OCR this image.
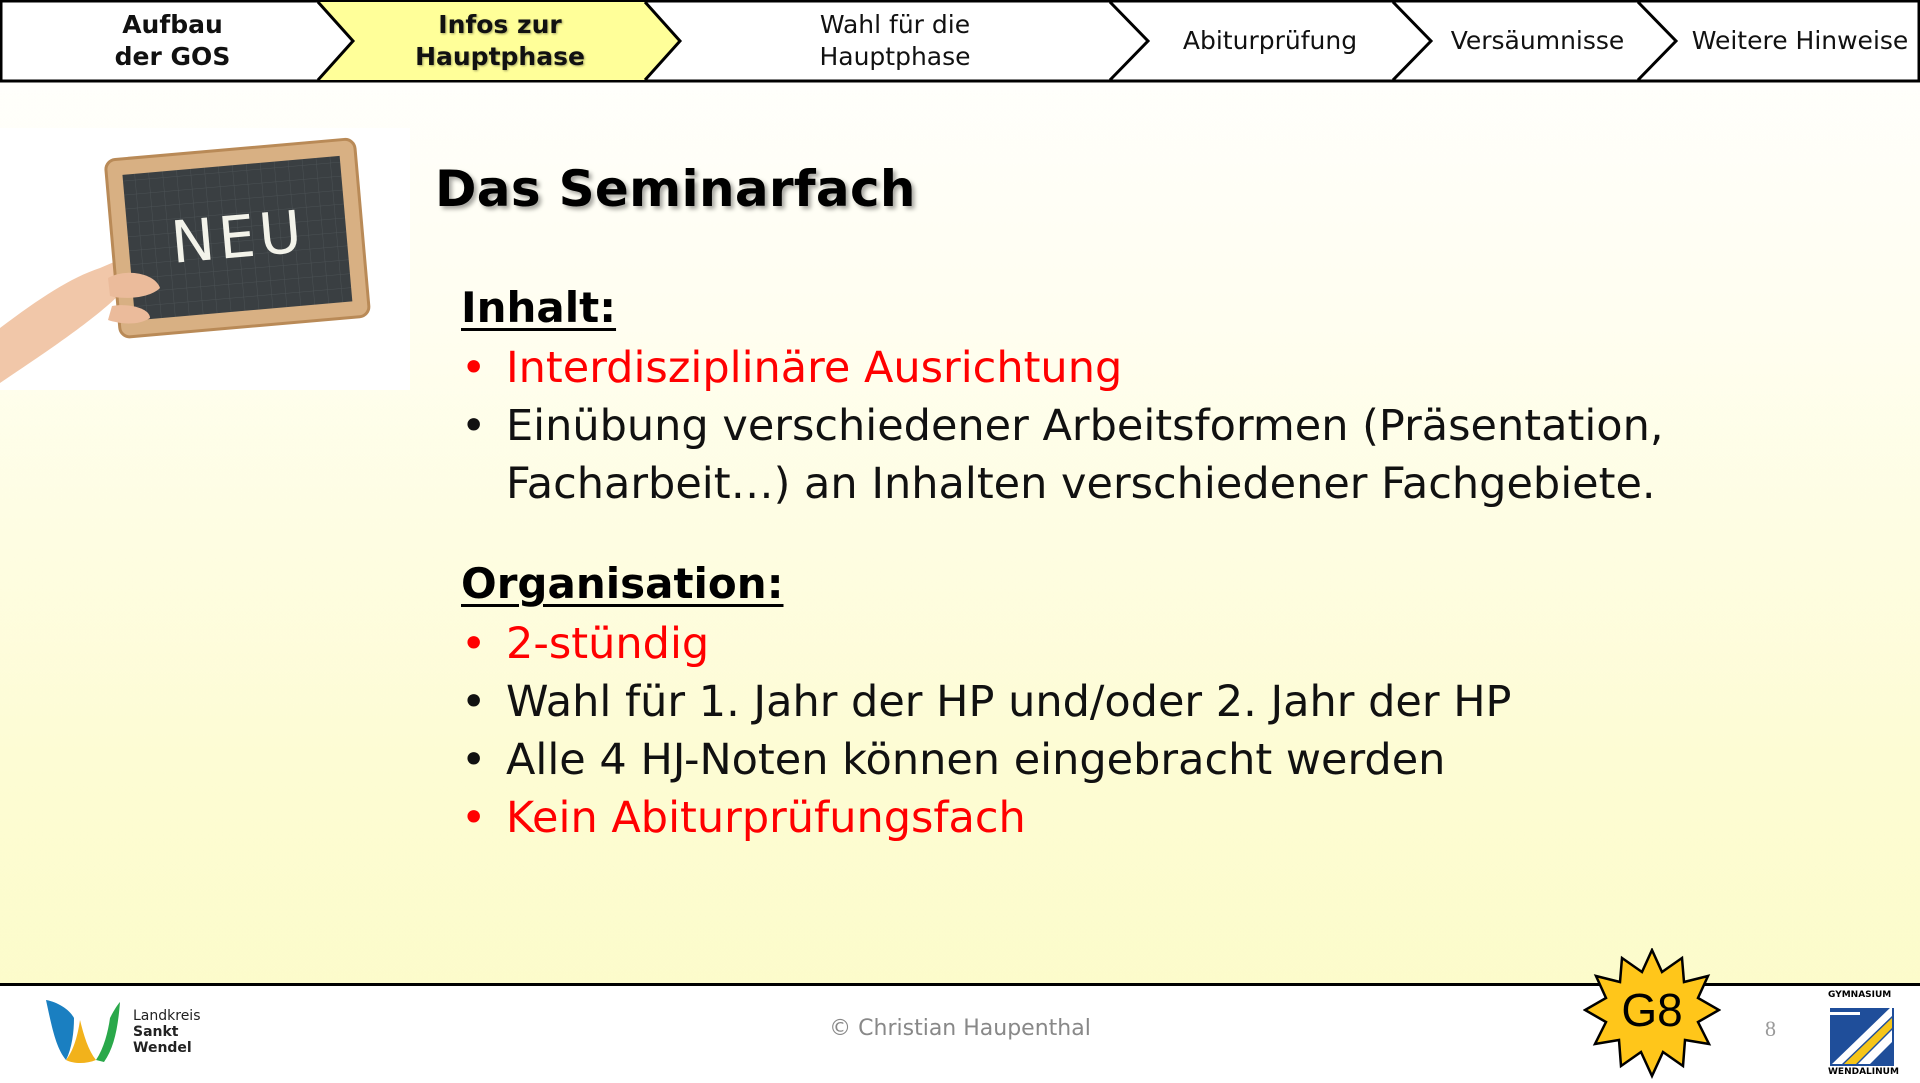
Aufbau
der GOS
Infos zur
Hauptphase
Wahl für die
Hauptphase
Abiturprüfung	Versäumnisse	Weitere Hinweise
NEU
Das Seminarfach
Inhalt:
• Interdisziplinäre Ausrichtung
• Einübung verschiedener Arbeitsformen (Präsentation, Facharbeit…) an Inhalten verschiedener Fachgebiete.
Organisation:
• 2-stündig
• Wahl für 1. Jahr der HP und/oder 2. Jahr der HP
• Alle 4 HJ-Noten können eingebracht werden
• Kein Abiturprüfungsfach
Landkreis
Sankt
Wendel
© Christian Haupenthal	G8	8
GYMNASIUM
WENDALINUM
